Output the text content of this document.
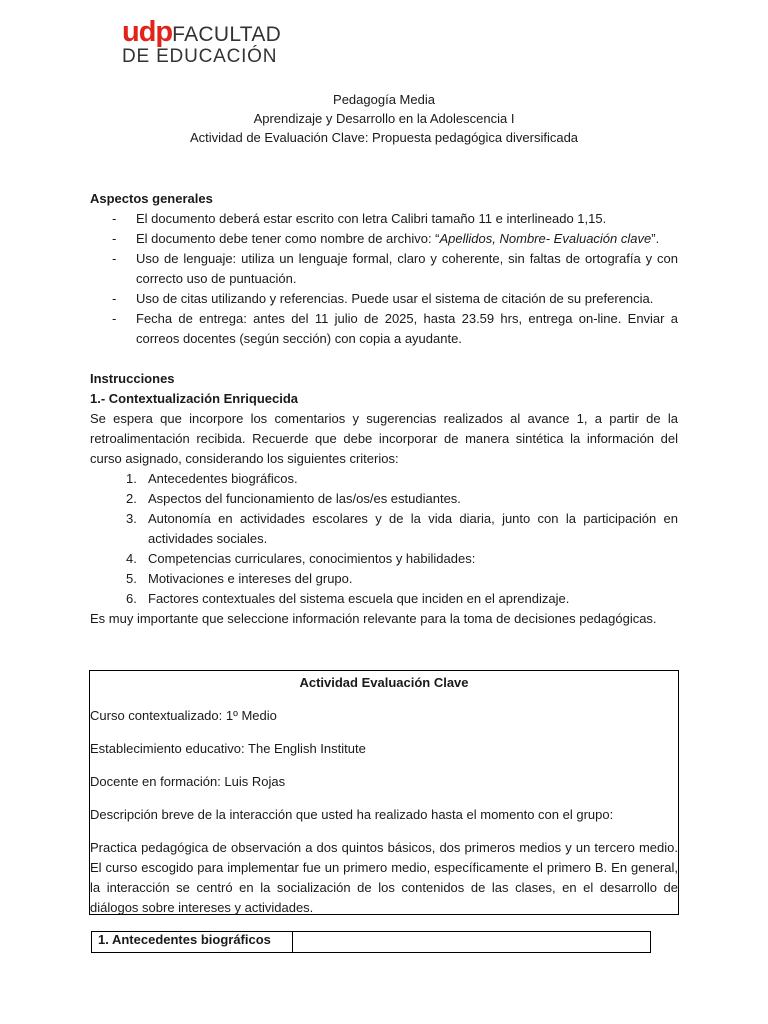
udpFACULTAD
DE EDUCACIÓN
Pedagogía Media
Aprendizaje y Desarrollo en la Adolescencia I
Actividad de Evaluación Clave: Propuesta pedagógica diversificada
Aspectos generales
- El documento deberá estar escrito con letra Calibri tamaño 11 e interlineado 1,15.
- El documento debe tener como nombre de archivo: “Apellidos, Nombre- Evaluación clave”.
- Uso de lenguaje: utiliza un lenguaje formal, claro y coherente, sin faltas de ortografía y con correcto uso de puntuación.
- Uso de citas utilizando y referencias. Puede usar el sistema de citación de su preferencia.
- Fecha de entrega: antes del 11 julio de 2025, hasta 23.59 hrs, entrega on-line. Enviar a correos docentes (según sección) con copia a ayudante.
Instrucciones
1.- Contextualización Enriquecida
Se espera que incorpore los comentarios y sugerencias realizados al avance 1, a partir de la retroalimentación recibida. Recuerde que debe incorporar de manera sintética la información del curso asignado, considerando los siguientes criterios:
1. Antecedentes biográficos.
2. Aspectos del funcionamiento de las/os/es estudiantes.
3. Autonomía en actividades escolares y de la vida diaria, junto con la participación en actividades sociales.
4. Competencias curriculares, conocimientos y habilidades:
5. Motivaciones e intereses del grupo.
6. Factores contextuales del sistema escuela que inciden en el aprendizaje.
Es muy importante que seleccione información relevante para la toma de decisiones pedagógicas.
Actividad Evaluación Clave

Curso contextualizado: 1º Medio

Establecimiento educativo: The English Institute

Docente en formación: Luis Rojas

Descripción breve de la interacción que usted ha realizado hasta el momento con el grupo:

Practica pedagógica de observación a dos quintos básicos, dos primeros medios y un tercero medio. El curso escogido para implementar fue un primero medio, específicamente el primero B. En general, la interacción se centró en la socialización de los contenidos de las clases, en el desarrollo de diálogos sobre intereses y actividades.

1. Antecedentes biográficos	
